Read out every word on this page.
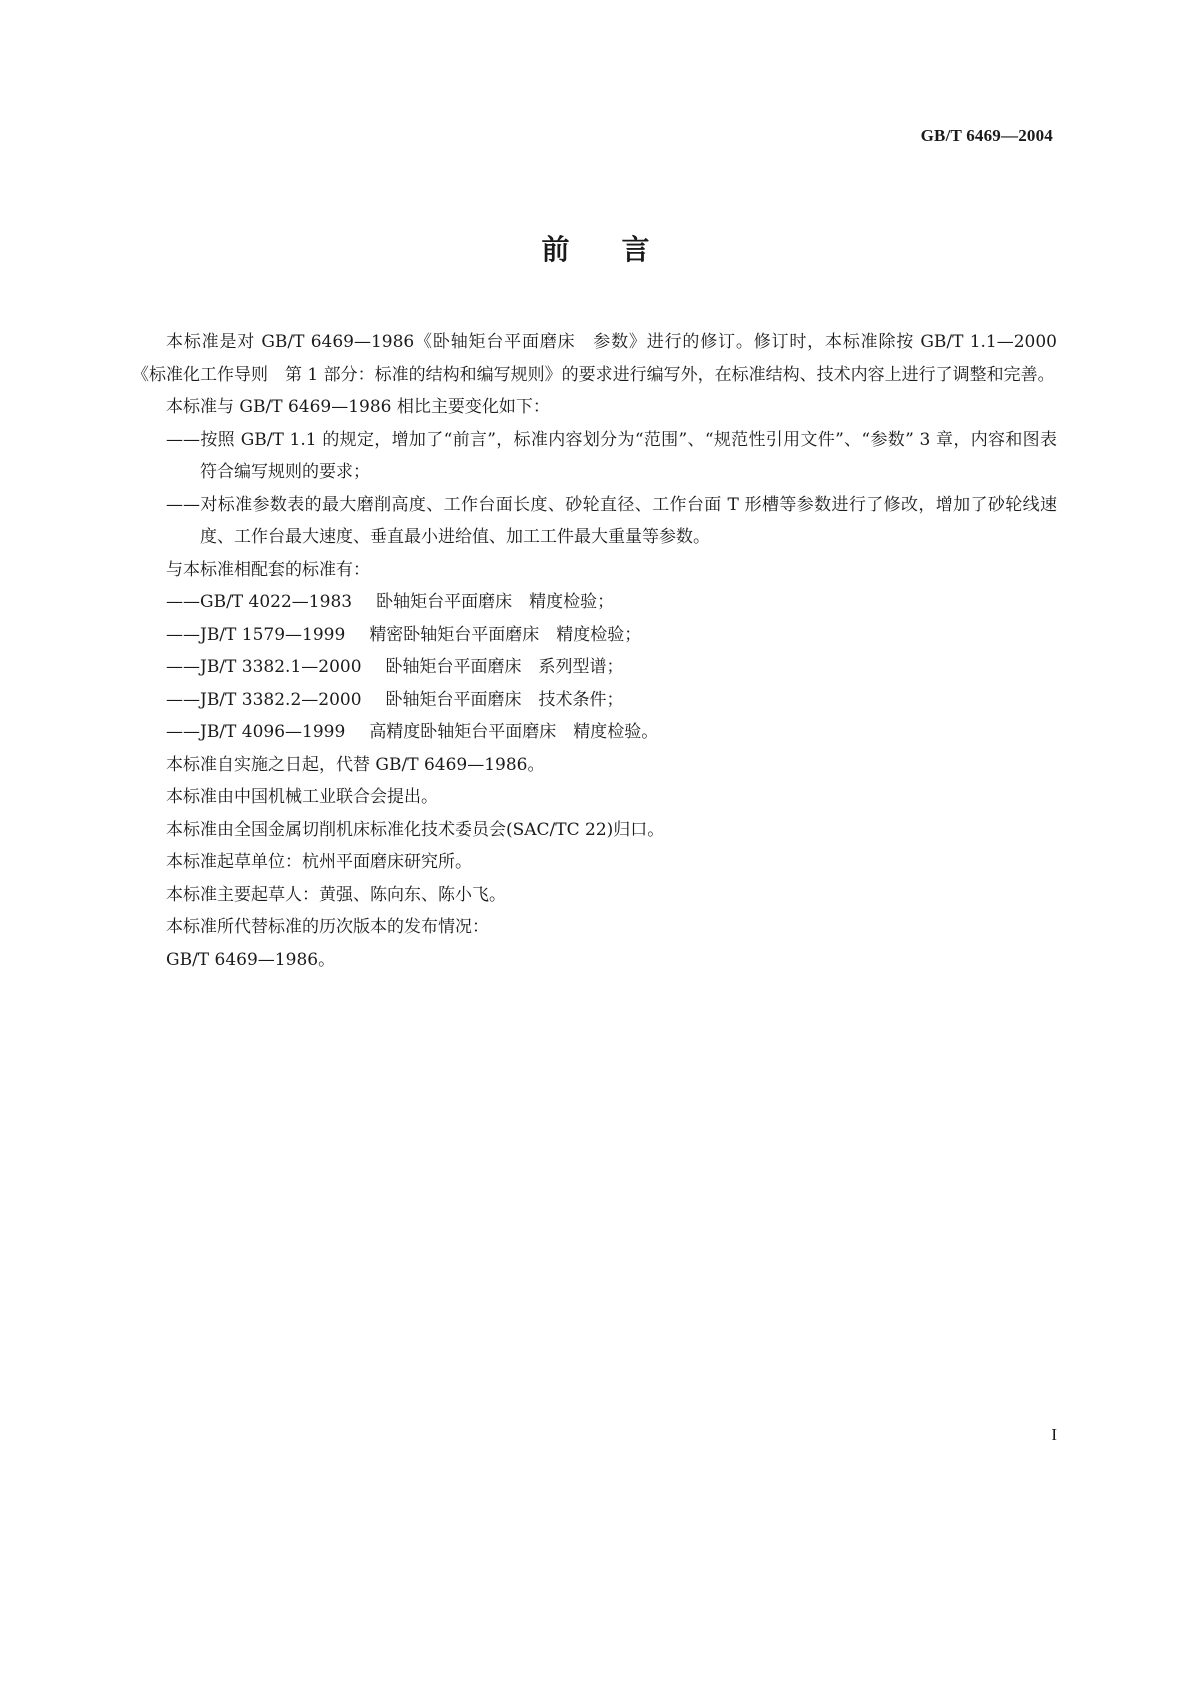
GB/T 6469—2004
前言

本标准是对 GB/T 6469—1986《卧轴矩台平面磨床　参数》进行的修订。修订时，本标准除按 GB/T 1.1—2000《标准化工作导则　第 1 部分：标准的结构和编写规则》的要求进行编写外，在标准结构、技术内容上进行了调整和完善。

本标准与 GB/T 6469—1986 相比主要变化如下：

——按照 GB/T 1.1 的规定，增加了“前言”，标准内容划分为“范围”、“规范性引用文件”、“参数” 3 章，内容和图表符合编写规则的要求；

——对标准参数表的最大磨削高度、工作台面长度、砂轮直径、工作台面 T 形槽等参数进行了修改，增加了砂轮线速度、工作台最大速度、垂直最小进给值、加工工件最大重量等参数。

与本标准相配套的标准有：

——GB/T 4022—1983 卧轴矩台平面磨床　精度检验；

——JB/T 1579—1999 精密卧轴矩台平面磨床　精度检验；

——JB/T 3382.1—2000 卧轴矩台平面磨床　系列型谱；

——JB/T 3382.2—2000 卧轴矩台平面磨床　技术条件；

——JB/T 4096—1999 高精度卧轴矩台平面磨床　精度检验。

本标准自实施之日起，代替 GB/T 6469—1986。

本标准由中国机械工业联合会提出。

本标准由全国金属切削机床标准化技术委员会(SAC/TC 22)归口。

本标准起草单位：杭州平面磨床研究所。

本标准主要起草人：黄强、陈向东、陈小飞。

本标准所代替标准的历次版本的发布情况：

GB/T 6469—1986。

I
